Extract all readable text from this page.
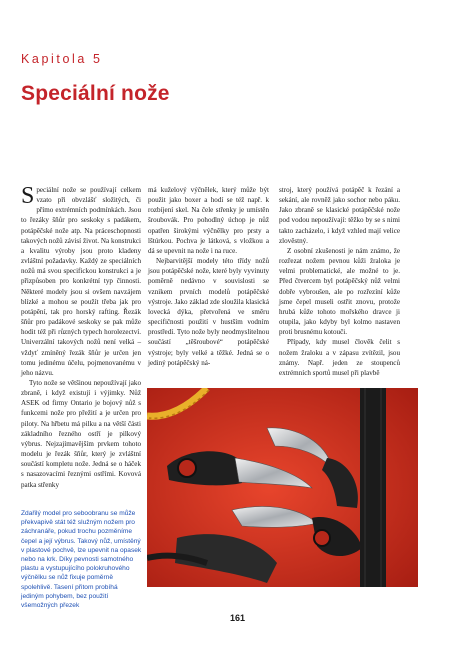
Kapitola 5
Speciální nože

Speciální nože se používají celkem vzato při obvzlášť složitých, či přímo extrémních podmínkách. Jsou to řezáky šňůr pro seskoky s padákem, potápěčské nože atp. Na práceschopnosti takových nožů závisí život. Na konstrukci a kvalitu výroby jsou proto kladeny zvláštní požadavky. Každý ze speciálních nožů má svou specifickou konstrukci a je přizpůsoben pro konkrétní typ činnosti. Některé modely jsou si ovšem navzájem blízké a mohou se použít třeba jak pro potápění, tak pro horský rafting. Řezák šňůr pro padákové seskoky se pak může hodit též při různých typech horolezectví. Univerzální takových nožů není velká – vždyť zmíněný řezák šňůr je určen jen tomu jedinému účelu, pojmenovanému v jeho názvu.

Tyto nože se většinou nepoužívají jako zbraně, i když existují i výjimky. Nůž ASEK od firmy Ontario je bojový nůž s funkcemi nože pro přežití a je určen pro piloty. Na hřbetu má pilku a na větší části základního řezného ostří je pilkový výbrus. Nejzajímavějším prvkem tohoto modelu je řezák šňůr, který je zvláštní součástí kompletu nože. Jedná se o háček s nasazovacími řeznými ostřími. Kovová patka střenky

má kuželový výčnělek, který může být použit jako boxer a hodí se též např. k rozbíjení skel. Na čele střenky je umístěn šroubovák. Pro pohodlný úchop je nůž opatřen širokými výčnělky pro prsty a lštúrkou. Pochva je látková, s vložkou a dá se upevnit na nože i na ruce.

Nejbarvitější modely této třídy nožů jsou potápěčské nože, které byly vyvinuty poměrně nedávno v souvislosti se vznikem prvních modelů potápěčské výstroje. Jako základ zde sloužila klasická lovecká dýka, přetvořená ve směru specifičnosti použití v hustším vodním prostředí. Tyto nože byly neodmyslitelnou součástí „těšroubové“ potápěčské výstroje; byly velké a těžké. Jedná se o jediný potápěčský ná-

stroj, který používá potápěč k řezání a sekání, ale rovněž jako sochor nebo páku. Jako zbraně se klasické potápěčské nože pod vodou nepoužívají: těžko by se s nimi takto zacházelo, i když vzhled mají velice zlověstný.

Z osobní zkušenosti je nám známo, že rozřezat nožem pevnou kůži žraloka je velmi problematické, ale možné to je. Před čtvercem byl potápěčský nůž velmi dobře vybroušen, ale po rozřezíní kůže jsme čepel museli ostřit znovu, protože hrubá kůže tohoto mořského dravce ji otupila, jako kdyby byl kolmo nastaven proti brusnému kotouči.

Případy, kdy musel člověk čelit s nožem žraloku a v zápasu zvítězil, jsou známy. Např. jeden ze stoupenců extrémních sportů musel při plavbě

Zdařilý model pro seboobranu se může překvapivě stát též služným nožem pro záchranáře, pokud trochu pozměníme čepel a její výbrus. Takový nůž, umístěný v plastové pochvě, lze upevnit na opasek nebo na krk. Díky pevnosti samotného plastu a vystupujícího polokruhového výčnělku se nůž fixuje poměrně spolehlivě. Tasení přitom probíhá jediným pohybem, bez použití všemožných přezek
161
